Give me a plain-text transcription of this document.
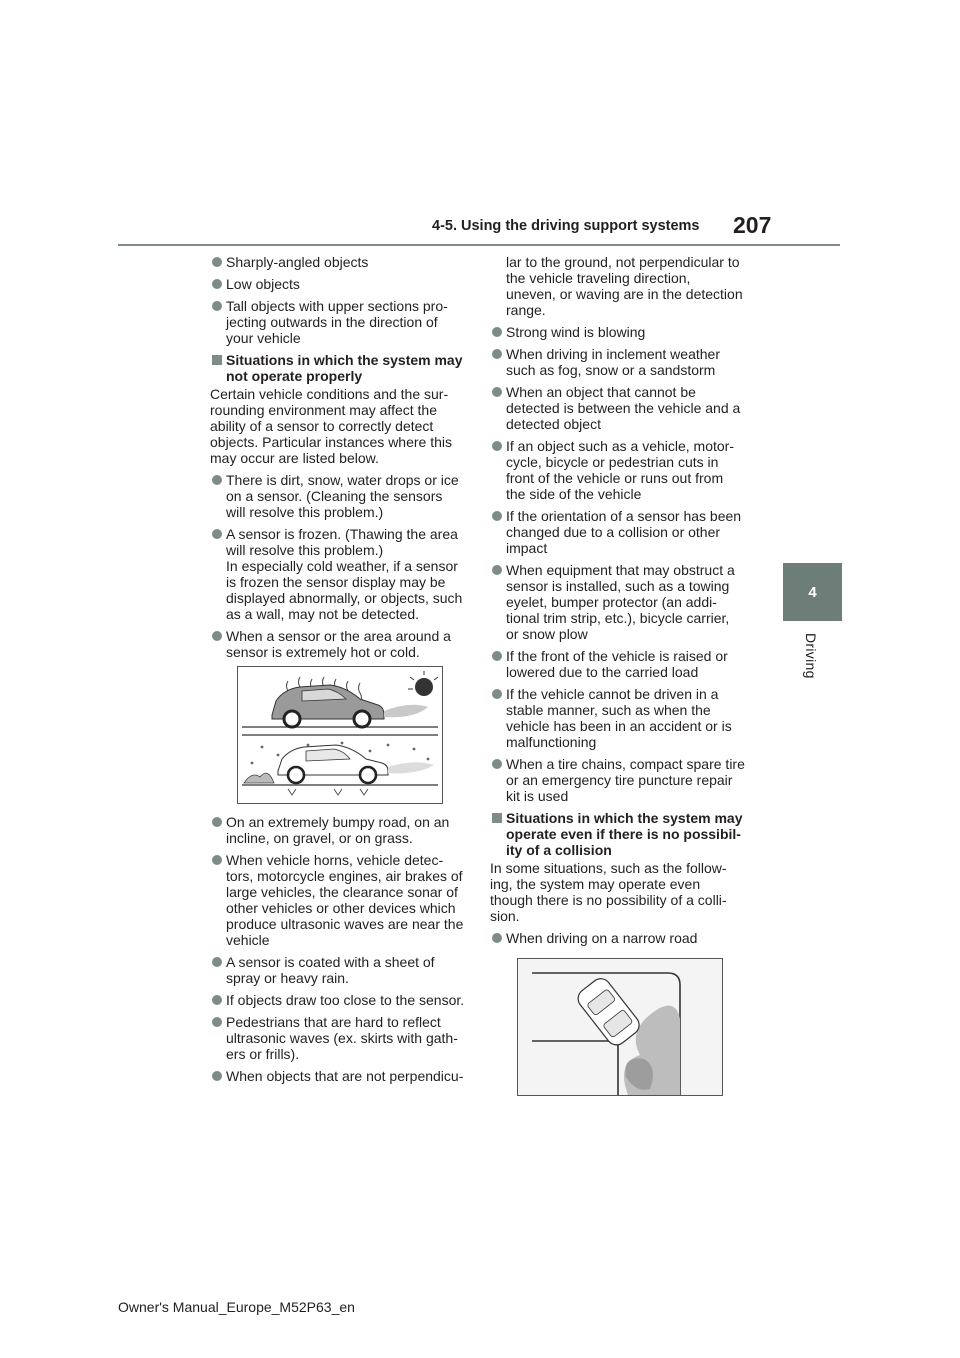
4-5. Using the driving support systems 207
4
Driving
Sharply-angled objects
Low objects
Tall objects with upper sections pro-
jecting outwards in the direction of
your vehicle
Situations in which the system may
not operate properly
Certain vehicle conditions and the sur-
rounding environment may affect the
ability of a sensor to correctly detect
objects. Particular instances where this
may occur are listed below.
There is dirt, snow, water drops or ice
on a sensor. (Cleaning the sensors
will resolve this problem.)
A sensor is frozen. (Thawing the area
will resolve this problem.)
In especially cold weather, if a sensor
is frozen the sensor display may be
displayed abnormally, or objects, such
as a wall, may not be detected.
When a sensor or the area around a
sensor is extremely hot or cold.
On an extremely bumpy road, on an
incline, on gravel, or on grass.
When vehicle horns, vehicle detec-
tors, motorcycle engines, air brakes of
large vehicles, the clearance sonar of
other vehicles or other devices which
produce ultrasonic waves are near the
vehicle
A sensor is coated with a sheet of
spray or heavy rain.
If objects draw too close to the sensor.
Pedestrians that are hard to reflect
ultrasonic waves (ex. skirts with gath-
ers or frills).
When objects that are not perpendicu-
lar to the ground, not perpendicular to
the vehicle traveling direction,
uneven, or waving are in the detection
range.
Strong wind is blowing
When driving in inclement weather
such as fog, snow or a sandstorm
When an object that cannot be
detected is between the vehicle and a
detected object
If an object such as a vehicle, motor-
cycle, bicycle or pedestrian cuts in
front of the vehicle or runs out from
the side of the vehicle
If the orientation of a sensor has been
changed due to a collision or other
impact
When equipment that may obstruct a
sensor is installed, such as a towing
eyelet, bumper protector (an addi-
tional trim strip, etc.), bicycle carrier,
or snow plow
If the front of the vehicle is raised or
lowered due to the carried load
If the vehicle cannot be driven in a
stable manner, such as when the
vehicle has been in an accident or is
malfunctioning
When a tire chains, compact spare tire
or an emergency tire puncture repair
kit is used
Situations in which the system may
operate even if there is no possibil-
ity of a collision
In some situations, such as the follow-
ing, the system may operate even
though there is no possibility of a colli-
sion.
When driving on a narrow road
Owner's Manual_Europe_M52P63_en
